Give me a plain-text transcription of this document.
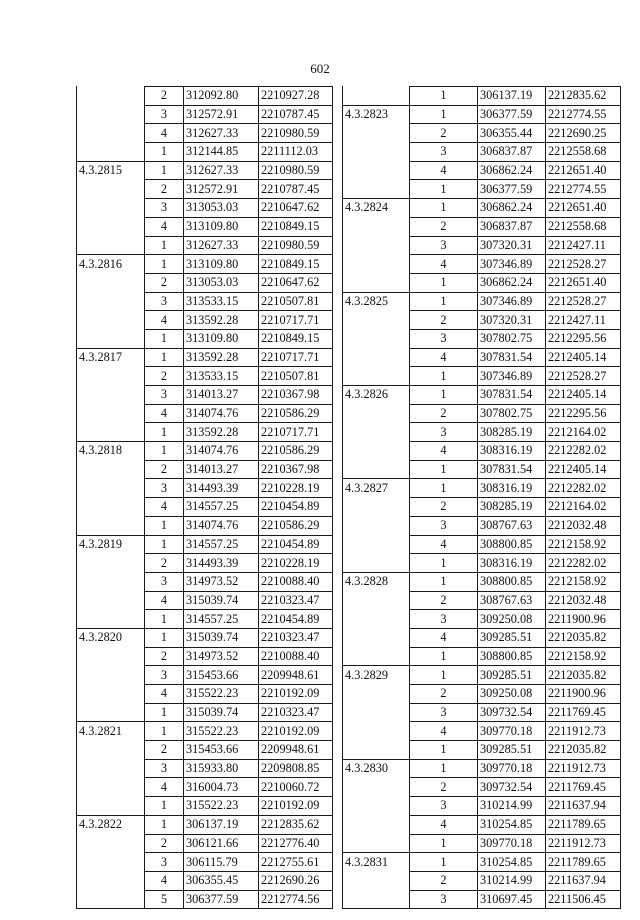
602
	2	312092.80	2210927.28
	3	312572.91	2210787.45
	4	312627.33	2210980.59
	1	312144.85	2211112.03
4.3.2815	1	312627.33	2210980.59
	2	312572.91	2210787.45
	3	313053.03	2210647.62
	4	313109.80	2210849.15
	1	312627.33	2210980.59
4.3.2816	1	313109.80	2210849.15
	2	313053.03	2210647.62
	3	313533.15	2210507.81
	4	313592.28	2210717.71
	1	313109.80	2210849.15
4.3.2817	1	313592.28	2210717.71
	2	313533.15	2210507.81
	3	314013.27	2210367.98
	4	314074.76	2210586.29
	1	313592.28	2210717.71
4.3.2818	1	314074.76	2210586.29
	2	314013.27	2210367.98
	3	314493.39	2210228.19
	4	314557.25	2210454.89
	1	314074.76	2210586.29
4.3.2819	1	314557.25	2210454.89
	2	314493.39	2210228.19
	3	314973.52	2210088.40
	4	315039.74	2210323.47
	1	314557.25	2210454.89
4.3.2820	1	315039.74	2210323.47
	2	314973.52	2210088.40
	3	315453.66	2209948.61
	4	315522.23	2210192.09
	1	315039.74	2210323.47
4.3.2821	1	315522.23	2210192.09
	2	315453.66	2209948.61
	3	315933.80	2209808.85
	4	316004.73	2210060.72
	1	315522.23	2210192.09
4.3.2822	1	306137.19	2212835.62
	2	306121.66	2212776.40
	3	306115.79	2212755.61
	4	306355.45	2212690.26
	5	306377.59	2212774.56
	1	306137.19	2212835.62
4.3.2823	1	306377.59	2212774.55
	2	306355.44	2212690.25
	3	306837.87	2212558.68
	4	306862.24	2212651.40
	1	306377.59	2212774.55
4.3.2824	1	306862.24	2212651.40
	2	306837.87	2212558.68
	3	307320.31	2212427.11
	4	307346.89	2212528.27
	1	306862.24	2212651.40
4.3.2825	1	307346.89	2212528.27
	2	307320.31	2212427.11
	3	307802.75	2212295.56
	4	307831.54	2212405.14
	1	307346.89	2212528.27
4.3.2826	1	307831.54	2212405.14
	2	307802.75	2212295.56
	3	308285.19	2212164.02
	4	308316.19	2212282.02
	1	307831.54	2212405.14
4.3.2827	1	308316.19	2212282.02
	2	308285.19	2212164.02
	3	308767.63	2212032.48
	4	308800.85	2212158.92
	1	308316.19	2212282.02
4.3.2828	1	308800.85	2212158.92
	2	308767.63	2212032.48
	3	309250.08	2211900.96
	4	309285.51	2212035.82
	1	308800.85	2212158.92
4.3.2829	1	309285.51	2212035.82
	2	309250.08	2211900.96
	3	309732.54	2211769.45
	4	309770.18	2211912.73
	1	309285.51	2212035.82
4.3.2830	1	309770.18	2211912.73
	2	309732.54	2211769.45
	3	310214.99	2211637.94
	4	310254.85	2211789.65
	1	309770.18	2211912.73
4.3.2831	1	310254.85	2211789.65
	2	310214.99	2211637.94
	3	310697.45	2211506.45
